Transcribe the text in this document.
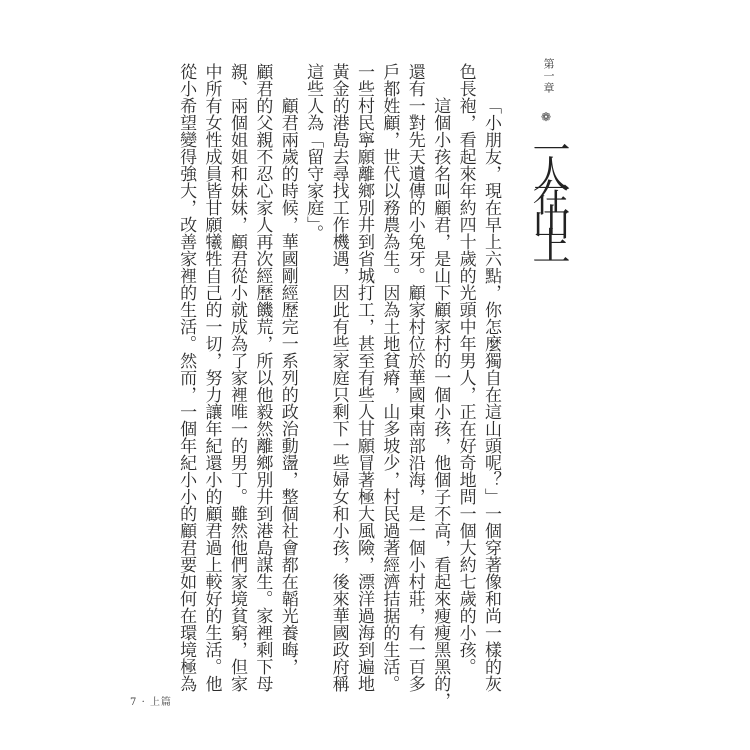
第一章
❁
一人在山上
「小朋友，現在早上六點，你怎麼獨自在這山頭呢？」一個穿著像和尚一樣的灰
色長袍，看起來年約四十歲的光頭中年男人，正在好奇地問一個大約七歲的小孩。
這個小孩名叫顧君，是山下顧家村的一個小孩，他個子不高，看起來瘦瘦黑黑的，
還有一對先天遺傳的小兔牙。顧家村位於華國東南部沿海，是一個小村莊，有一百多
戶都姓顧，世代以務農為生。因為土地貧瘠，山多坡少，村民過著經濟拮据的生活。
一些村民寧願離鄉別井到省城打工，甚至有些人甘願冒著極大風險，漂洋過海到遍地
黃金的港島去尋找工作機遇，因此有些家庭只剩下一些婦女和小孩，後來華國政府稱
這些人為「留守家庭」。
顧君兩歲的時候，華國剛經歷完一系列的政治動盪，整個社會都在韜光養晦，
顧君的父親不忍心家人再次經歷饑荒，所以他毅然離鄉別井到港島謀生。家裡剩下母
親、兩個姐姐和妹妹，顧君從小就成為了家裡唯一的男丁。雖然他們家境貧窮，但家
中所有女性成員皆甘願犧牲自己的一切，努力讓年紀還小的顧君過上較好的生活。他
從小希望變得強大，改善家裡的生活。然而，一個年紀小小的顧君要如何在環境極為
7 · 上篇
